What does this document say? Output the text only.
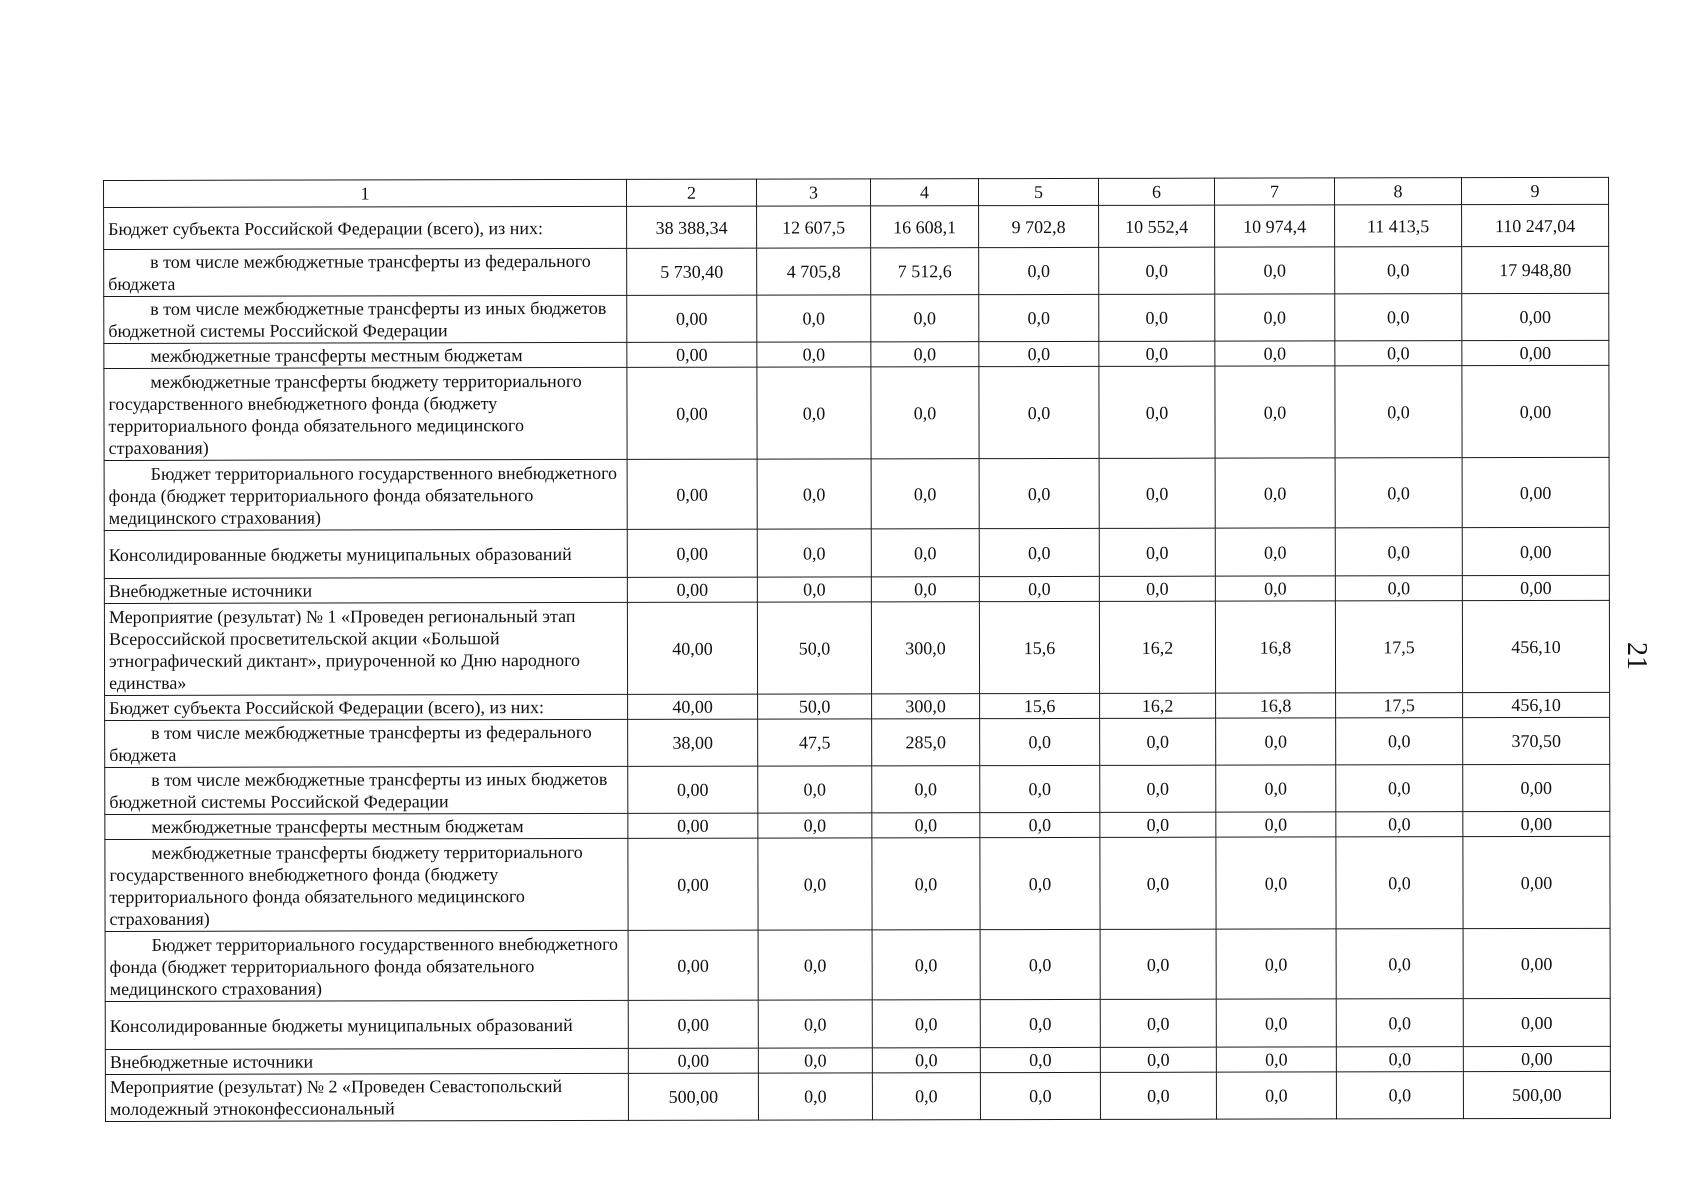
1	2	3	4	5	6	7	8	9
Бюджет субъекта Российской Федерации (всего), из них:	38 388,34	12 607,5	16 608,1	9 702,8	10 552,4	10 974,4	11 413,5	110 247,04
в том числе межбюджетные трансферты из федерального бюджета	5 730,40	4 705,8	7 512,6	0,0	0,0	0,0	0,0	17 948,80
в том числе межбюджетные трансферты из иных бюджетов бюджетной системы Российской Федерации	0,00	0,0	0,0	0,0	0,0	0,0	0,0	0,00
межбюджетные трансферты местным бюджетам	0,00	0,0	0,0	0,0	0,0	0,0	0,0	0,00
межбюджетные трансферты бюджету территориального государственного внебюджетного фонда (бюджету территориального фонда обязательного медицинского страхования)	0,00	0,0	0,0	0,0	0,0	0,0	0,0	0,00
Бюджет территориального государственного внебюджетного фонда (бюджет территориального фонда обязательного медицинского страхования)	0,00	0,0	0,0	0,0	0,0	0,0	0,0	0,00
Консолидированные бюджеты муниципальных образований	0,00	0,0	0,0	0,0	0,0	0,0	0,0	0,00
Внебюджетные источники	0,00	0,0	0,0	0,0	0,0	0,0	0,0	0,00
Мероприятие (результат) № 1 «Проведен региональный этап Всероссийской просветительской акции «Большой этнографический диктант», приуроченной ко Дню народного единства»	40,00	50,0	300,0	15,6	16,2	16,8	17,5	456,10
Бюджет субъекта Российской Федерации (всего), из них:	40,00	50,0	300,0	15,6	16,2	16,8	17,5	456,10
в том числе межбюджетные трансферты из федерального бюджета	38,00	47,5	285,0	0,0	0,0	0,0	0,0	370,50
в том числе межбюджетные трансферты из иных бюджетов бюджетной системы Российской Федерации	0,00	0,0	0,0	0,0	0,0	0,0	0,0	0,00
межбюджетные трансферты местным бюджетам	0,00	0,0	0,0	0,0	0,0	0,0	0,0	0,00
межбюджетные трансферты бюджету территориального государственного внебюджетного фонда (бюджету территориального фонда обязательного медицинского страхования)	0,00	0,0	0,0	0,0	0,0	0,0	0,0	0,00
Бюджет территориального государственного внебюджетного фонда (бюджет территориального фонда обязательного медицинского страхования)	0,00	0,0	0,0	0,0	0,0	0,0	0,0	0,00
Консолидированные бюджеты муниципальных образований	0,00	0,0	0,0	0,0	0,0	0,0	0,0	0,00
Внебюджетные источники	0,00	0,0	0,0	0,0	0,0	0,0	0,0	0,00
Мероприятие (результат) № 2 «Проведен Севастопольский молодежный этноконфессиональный	500,00	0,0	0,0	0,0	0,0	0,0	0,0	500,00
21
